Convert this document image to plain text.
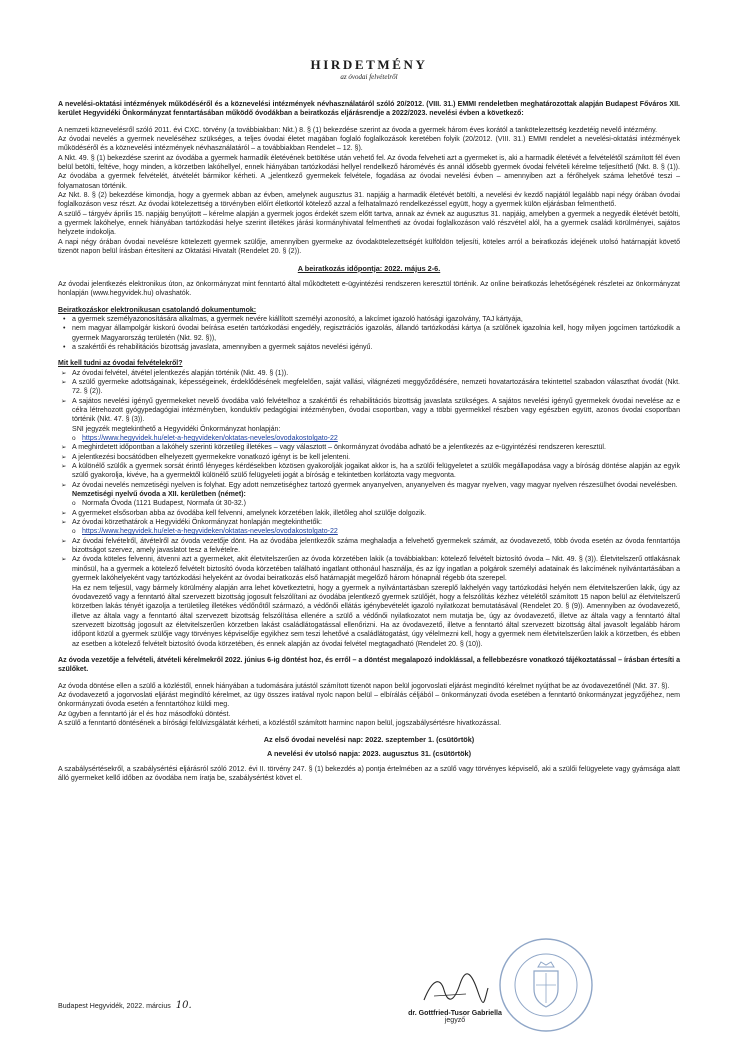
HIRDETMÉNY
az óvodai felvételről

A nevelési-oktatási intézmények működéséről és a köznevelési intézmények névhasználatáról szóló 20/2012. (VIII. 31.) EMMI rendeletben meghatározottak alapján Budapest Főváros XII. kerület Hegyvidéki Önkormányzat fenntartásában működő óvodákban a beiratkozás eljárásrendje a 2022/2023. nevelési évben a következő:

A nemzeti köznevelésről szóló 2011. évi CXC. törvény (a továbbiakban: Nkt.) 8. § (1) bekezdése szerint az óvoda a gyermek három éves korától a tankötelezettség kezdetéig nevelő intézmény.

Az óvodai nevelés a gyermek neveléséhez szükséges, a teljes óvodai életet magában foglaló foglalkozások keretében folyik (20/2012. (VIII. 31.) EMMI rendelet a nevelési-oktatási intézmények működéséről és a köznevelési intézmények névhasználatáról – a továbbiakban Rendelet – 12. §).

A Nkt. 49. § (1) bekezdése szerint az óvodába a gyermek harmadik életévének betöltése után vehető fel. Az óvoda felveheti azt a gyermeket is, aki a harmadik életévét a felvételétől számított fél éven belül betölti, feltéve, hogy minden, a körzetben lakóhellyel, ennek hiányában tartózkodási hellyel rendelkező háromévés és annál idősebb gyermek óvodai felvételi kérelme teljesíthető (Nkt. 8. § (1)). Az óvodába a gyermek felvételét, átvételét bármikor kérheti. A „jelentkező gyermekek felvétele, fogadása az óvodai nevelési évben – amennyiben azt a férőhelyek száma lehetővé teszi – folyamatosan történik.

Az Nkt. 8. § (2) bekezdése kimondja, hogy a gyermek abban az évben, amelynek augusztus 31. napjáig a harmadik életévét betölti, a nevelési év kezdő napjától legalább napi négy órában óvodai foglalkozáson vesz részt. Az óvodai kötelezettség a törvényben előírt életkortól kötelező azzal a felhatalmazó rendelkezéssel együtt, hogy a gyermek külön eljárásban felmenthető.

A szülő – tárgyév április 15. napjáig benyújtott – kérelme alapján a gyermek jogos érdekét szem előtt tartva, annak az évnek az augusztus 31. napjáig, amelyben a gyermek a negyedik életévét betölti, a gyermek lakóhelye, ennek hiányában tartózkodási helye szerint illetékes járási kormányhivatal felmentheti az óvodai foglalkozáson való részvétel alól, ha a gyermek családi körülményei, sajátos helyzete indokolja.

A napi négy órában óvodai nevelésre kötelezett gyermek szülője, amennyiben gyermeke az óvodakötelezettségét külföldön teljesíti, köteles arról a beiratkozás idejének utolsó határnapját követő tizenöt napon belül írásban értesíteni az Oktatási Hivatalt (Rendelet 20. § (2)).

A beiratkozás időpontja: 2022. május 2-6.

Az óvodai jelentkezés elektronikus úton, az önkormányzat mint fenntartó által működtetett e-ügyintézési rendszeren keresztül történik. Az online beiratkozás lehetőségének részletei az önkormányzat honlapján (www.hegyvidek.hu) olvashatók.

Beiratkozáskor elektronikusan csatolandó dokumentumok:

• a gyermek személyazonosítására alkalmas, a gyermek nevére kiállított személyi azonosító, a lakcímet igazoló hatósági igazolvány, TAJ kártyája,
• nem magyar állampolgár kiskorú óvodai beírása esetén tartózkodási engedély, regisztrációs igazolás, állandó tartózkodási kártya (a szülőnek igazolnia kell, hogy milyen jogcímen tartózkodik a gyermek Magyarország területén (Nkt. 92. §)),
• a szakértői és rehabilitációs bizottság javaslata, amennyiben a gyermek sajátos nevelési igényű.

Mit kell tudni az óvodai felvételekről?

➢ Az óvodai felvétel, átvétel jelentkezés alapján történik (Nkt. 49. § (1)).
➢ A szülő gyermeke adottságainak, képességeinek, érdeklődésének megfelelően, saját vallási, világnézeti meggyőződésére, nemzeti hovatartozására tekintettel szabadon választhat óvodát (Nkt. 72. § (2)).
➢ A sajátos nevelési igényű gyermekeket nevelő óvodába való felvételhoz a szakértői és rehabilitációs bizottság javaslata szükséges. A sajátos nevelési igényű gyermekek óvodai nevelése az e célra létrehozott gyógypedagógiai intézményben, konduktív pedagógiai intézményben, óvodai csoportban, vagy a többi gyermekkel részben vagy egészben együtt, azonos óvodai csoportban történik (Nkt. 47. § (3)).
SNI jegyzék megtekinthető a Hegyvidéki Önkormányzat honlapján:
o https://www.hegyvidek.hu/elet-a-hegyvideken/oktatas-neveles/ovodakostolgato-22
➢ A meghirdetett időpontban a lakóhely szerinti körzetileg illetékes – vagy választott – önkormányzat óvodába adható be a jelentkezés az e-ügyintézési rendszeren keresztül.
➢ A jelentkezési bocsátódben elhelyezett gyermekekre vonatkozó igényt is be kell jelenteni.
➢ A különélő szülők a gyermek sorsát érintő lényeges kérdésekben közösen gyakorolják jogaikat akkor is, ha a szülői felügyeletet a szülők megállapodása vagy a bíróság döntése alapján az egyik szülő gyakorolja, kivéve, ha a gyermektől különélő szülő felügyeleti jogát a bíróság e tekintetben korlátozta vagy megvonta.
➢ Az óvodai nevelés nemzetiségi nyelven is folyhat. Egy adott nemzetiséghez tartozó gyermek anyanyelven, anyanyelven és magyar nyelven, vagy magyar nyelven részesülhet óvodai nevelésben.
Nemzetiségi nyelvű óvoda a XII. kerületben (német):
o Normafa Óvoda (1121 Budapest, Normafa út 30-32.)
➢ A gyermeket elsősorban abba az óvodába kell felvenni, amelynek körzetében lakik, illetőleg ahol szülője dolgozik.
➢ Az óvodai körzethatárok a Hegyvidéki Önkormányzat honlapján megtekinthetők:
o https://www.hegyvidek.hu/elet-a-hegyvideken/oktatas-neveles/ovodakostolgato-22
➢ Az óvodai felvételről, átvételről az óvoda vezetője dönt. Ha az óvodába jelentkezők száma meghaladja a felvehető gyermekek számát, az óvodavezető, több óvoda esetén az óvoda fenntartója bizottságot szervez, amely javaslatot tesz a felvételre.
➢ Az óvoda köteles felvenni, átvenni azt a gyermeket, akit életvitelszerűen az óvoda körzetében lakik (a továbbiakban: kötelező felvételt biztosító óvoda – Nkt. 49. § (3)). Életvitelszerű ottlakásnak minősül, ha a gyermek a kötelező felvételt biztosító óvoda körzetében található ingatlant otthonául használja, és az így ingatlan a polgárok személyi adatainak és lakcímének nyilvántartásában a gyermek lakóhelyeként vagy tartózkodási helyeként az óvodai beiratkozás első határnapját megelőző három hónapnál régebb óta szerepel.

Ha ez nem teljesül, vagy bármely körülmény alapján arra lehet következtetni, hogy a gyermek a nyilvántartásban szereplő lakhelyén vagy tartózkodási helyén nem életvitelszerűen lakik, úgy az óvodavezető vagy a fenntartó által szervezett bizottság jogosult felszólítani az óvodába jelentkező gyermek szülőjét, hogy a felszólítás kézhez vételétől számított 15 napon belül az életvitelszerű körzetben lakás tényét igazolja a területileg illetékes védőnőtől származó, a védőnői ellátás igénybevételét igazoló nyilatkozat bemutatásával (Rendelet 20. § (9)). Amennyiben az óvodavezető, illetve az általa vagy a fenntartó által szervezett bizottság felszólítása ellenére a szülő a védőnői nyilatkozatot nem mutatja be, úgy az óvodavezető, illetve az általa vagy a fenntartó által szervezett bizottság jogosult az életvitelszerűen körzetben lakást családlátogatással ellenőrizni. Ha az óvodavezető, illetve a fenntartó által szervezett bizottság által javasolt legalább három időpont közül a gyermek szülője vagy törvényes képviselője egyikhez sem teszi lehetővé a családlátogatást, úgy vélelmezni kell, hogy a gyermek nem életvitelszerűen lakik a körzetben, és ebben az esetben a kötelező felvételt biztosító óvoda körzetében, és ennek alapján az óvodai felvétel megtagadható (Rendelet 20. § (10)).

Az óvoda vezetője a felvételi, átvételi kérelmekről 2022. június 6-ig döntést hoz, és erről – a döntést megalapozó indoklással, a fellebbezésre vonatkozó tájékoztatással – írásban értesíti a szülőket.

Az óvoda döntése ellen a szülő a közléstől, ennek hiányában a tudomására jutástól számított tizenöt napon belül jogorvoslati eljárást megindító kérelmet nyújthat be az óvodavezetőnél (Nkt. 37. §).

Az óvodavezető a jogorvoslati eljárást megindító kérelmet, az ügy összes iratával nyolc napon belül – elbírálás céljából – önkormányzati óvoda esetében a fenntartó önkormányzat jegyzőjéhez, nem önkormányzati óvoda esetén a fenntartóhoz küldi meg.

Az ügyben a fenntartó jár el és hoz másodfokú döntést.

A szülő a fenntartó döntésének a bírósági felülvizsgálatát kérheti, a közléstől számított harminc napon belül, jogszabálysértésre hivatkozással.

Az első óvodai nevelési nap: 2022. szeptember 1. (csütörtök)

A nevelési év utolsó napja: 2023. augusztus 31. (csütörtök)

A szabálysértésekről, a szabálysértési eljárásról szóló 2012. évi II. törvény 247. § (1) bekezdés a) pontja értelmében az a szülő vagy törvényes képviselő, aki a szülői felügyelete vagy gyámsága alatt álló gyermeket kellő időben az óvodába nem íratja be, szabálysértést követ el.

Budapest Hegyvidék, 2022. március 10.
dr. Gottfried-Tusor Gabriella
jegyző
